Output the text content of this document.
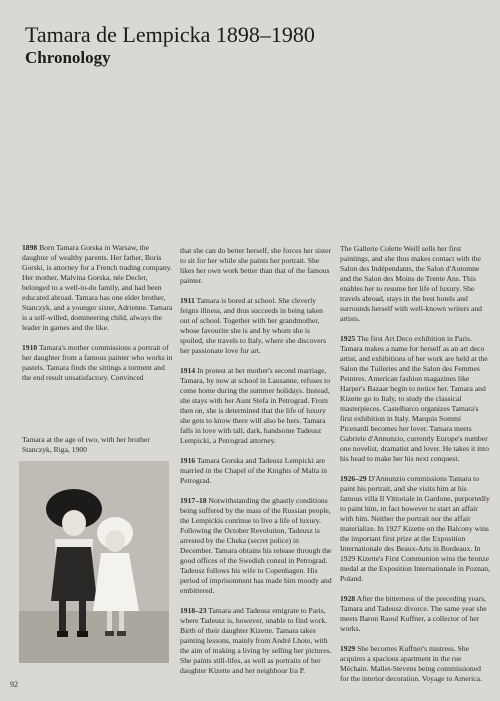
Tamara de Lempicka 1898–1980
Chronology

1898 Born Tamara Gorska in Warsaw, the daughter of wealthy parents. Her father, Boris Gorski, is attorney for a French trading company. Her mother, Malvina Gorska, née Decler, belonged to a well-to-do family, and had been educated abroad. Tamara has one elder brother, Stanczyk, and a younger sister, Adrienne. Tamara is a self-willed, domineering child, always the leader in games and the like.

1910 Tamara's mother commissions a portrait of her daughter from a famous painter who works in pastels. Tamara finds the sittings a torment and the end result unsatisfactory. Convinced

Tamara at the age of two, with her brother Stanczyk, Riga, 1900

that she can do better herself, she forces her sister to sit for her while she paints her portrait. She likes her own work better than that of the famous painter.

1911 Tamara is bored at school. She cleverly feigns illness, and thus succeeds in being taken out of school. Together with her grandmother, whose favourite she is and by whom she is spoiled, she travels to Italy, where she discovers her passionate love for art.

1914 In protest at her mother's second marriage, Tamara, by now at school in Lausanne, refuses to come home during the summer holidays. Instead, she stays with her Aunt Stefa in Petrograd. From then on, she is determined that the life of luxury she gets to know there will also be hers. Tamara falls in love with tall, dark, handsome Tadeusz Lempicki, a Petrograd attorney.

1916 Tamara Gorska and Tadeusz Lempicki are married in the Chapel of the Knights of Malta in Petrograd.

1917–18 Notwithstanding the ghastly conditions being suffered by the mass of the Russian people, the Lempickis continue to live a life of luxury. Following the October Revolution, Tadeusz is arrested by the Cheka (secret police) in December. Tamara obtains his release through the good offices of the Swedish consul in Petrograd. Tadeusz follows his wife to Copenhagen. His period of imprisonment has made him moody and embittered.

1918–23 Tamara and Tadeusz emigrate to Paris, where Tadeusz is, however, unable to find work. Birth of their daughter Kizette. Tamara takes painting lessons, mainly from André Lhote, with the aim of making a living by selling her pictures. She paints still-lifes, as well as portraits of her daughter Kizette and her neighbour Ira P.

The Gallerie Colette Weill sells her first paintings, and she thus makes contact with the Salon des Indépendants, the Salon d'Automne and the Salon des Moins de Trente Ans. This enables her to resume her life of luxury. She travels abroad, stays in the best hotels and surrounds herself with well-known writers and artists.

1925 The first Art Deco exhibition in Paris. Tamara makes a name for herself as an art deco artist, and exhibitions of her work are held at the Salon the Tuileries and the Salon des Femmes Peintres. American fashion magazines like Harper's Bazaar begin to notice her. Tamara and Kizette go to Italy, to study the classical masterpieces. Castelbarco organizes Tamara's first exhibition in Italy. Marquis Sommi Picenardi becomes her lover. Tamara meets Gabriele d'Annunzio, currently Europe's number one novelist, dramatist and lover. He takes it into his head to make her his next conquest.

1926–29 D'Annunzio commissions Tamara to paint his portrait, and she visits him at his famous villa Il Vittoriale in Gardone, purportedly to paint him, in fact however to start an affair with him. Neither the portrait nor the affair materialize. In 1927 Kizette on the Balcony wins the important first prize at the Exposition Internationale des Beaux-Arts in Bordeaux. In 1929 Kizette's First Communion wins the bronze medal at the Exposition Internationale in Poznan, Poland.

1928 After the bitterness of the preceding years, Tamara and Tadeusz divorce. The same year she meets Baron Raoul Kuffner, a collector of her works.

1929 She becomes Kuffner's mistress. She acquires a spacious apartment in the rue Méchain. Mallet-Stevens being commissioned for the interior decoration. Voyage to America.

92
